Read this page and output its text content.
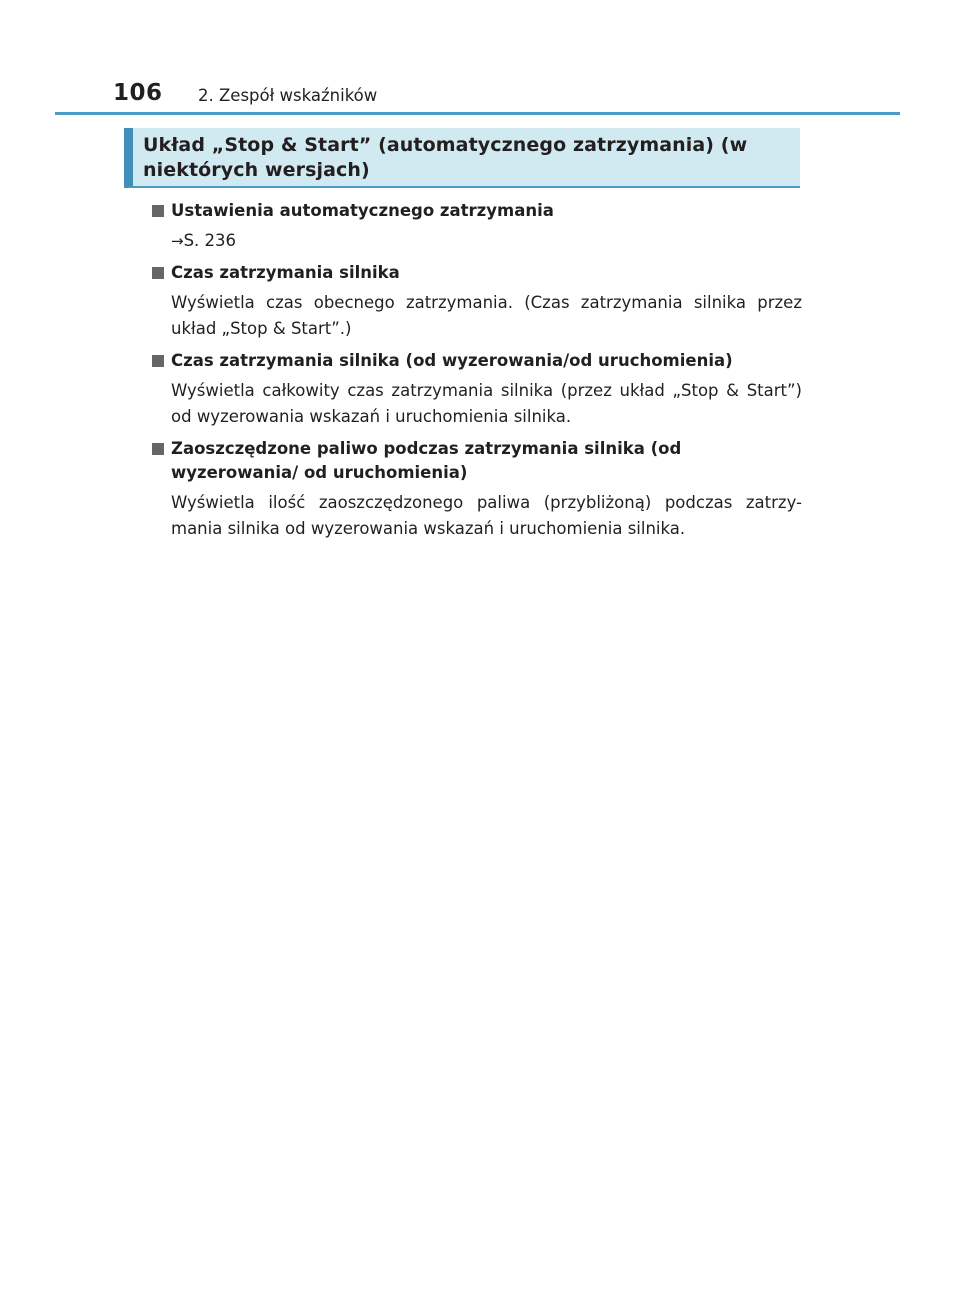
106 2. Zespół wskaźników
Układ „Stop & Start” (automatycznego zatrzymania) (w niektórych wersjach)
Ustawienia automatycznego zatrzymania
→S. 236
Czas zatrzymania silnika
Wyświetla czas obecnego zatrzymania. (Czas zatrzymania silnika przez układ „Stop & Start”.)
Czas zatrzymania silnika (od wyzerowania/od uruchomienia)
Wyświetla całkowity czas zatrzymania silnika (przez układ „Stop & Start”) od wyzerowania wskazań i uruchomienia silnika.
Zaoszczędzone paliwo podczas zatrzymania silnika (od wyzerowania/ od uruchomienia)
Wyświetla ilość zaoszczędzonego paliwa (przybliżoną) podczas zatrzy-mania silnika od wyzerowania wskazań i uruchomienia silnika.
